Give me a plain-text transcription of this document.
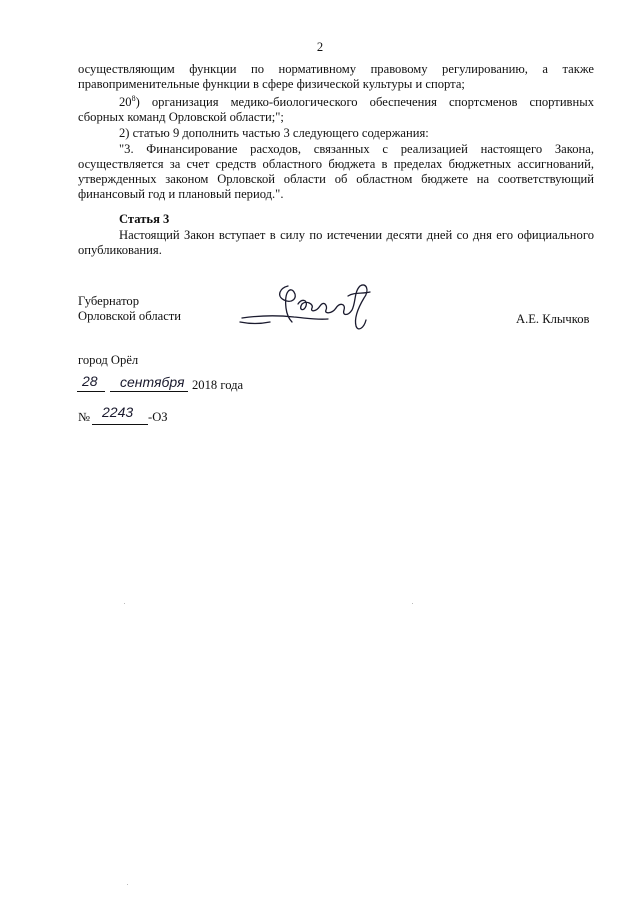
2
осуществляющим функции по нормативному правовому регулированию, а также
правоприменительные функции в сфере физической культуры и спорта;
$20^8$) организация медико-биологического обеспечения спортсменов спортивных
сборных команд Орловской области;";
2) статью 9 дополнить частью 3 следующего содержания:
"3. Финансирование расходов, связанных с реализацией настоящего Закона,
осуществляется за счет средств областного бюджета в пределах бюджетных ассигнований,
утвержденных законом Орловской области об областном бюджете на соответствующий
финансовый год и плановый период.".
Статья 3
Настоящий Закон вступает в силу по истечении десяти дней со дня его официального
опубликования.
Губернатор
Орловской области	А.Е. Клычков
город Орёл
28 сентября 2018 года
№ 2243 -ОЗ
